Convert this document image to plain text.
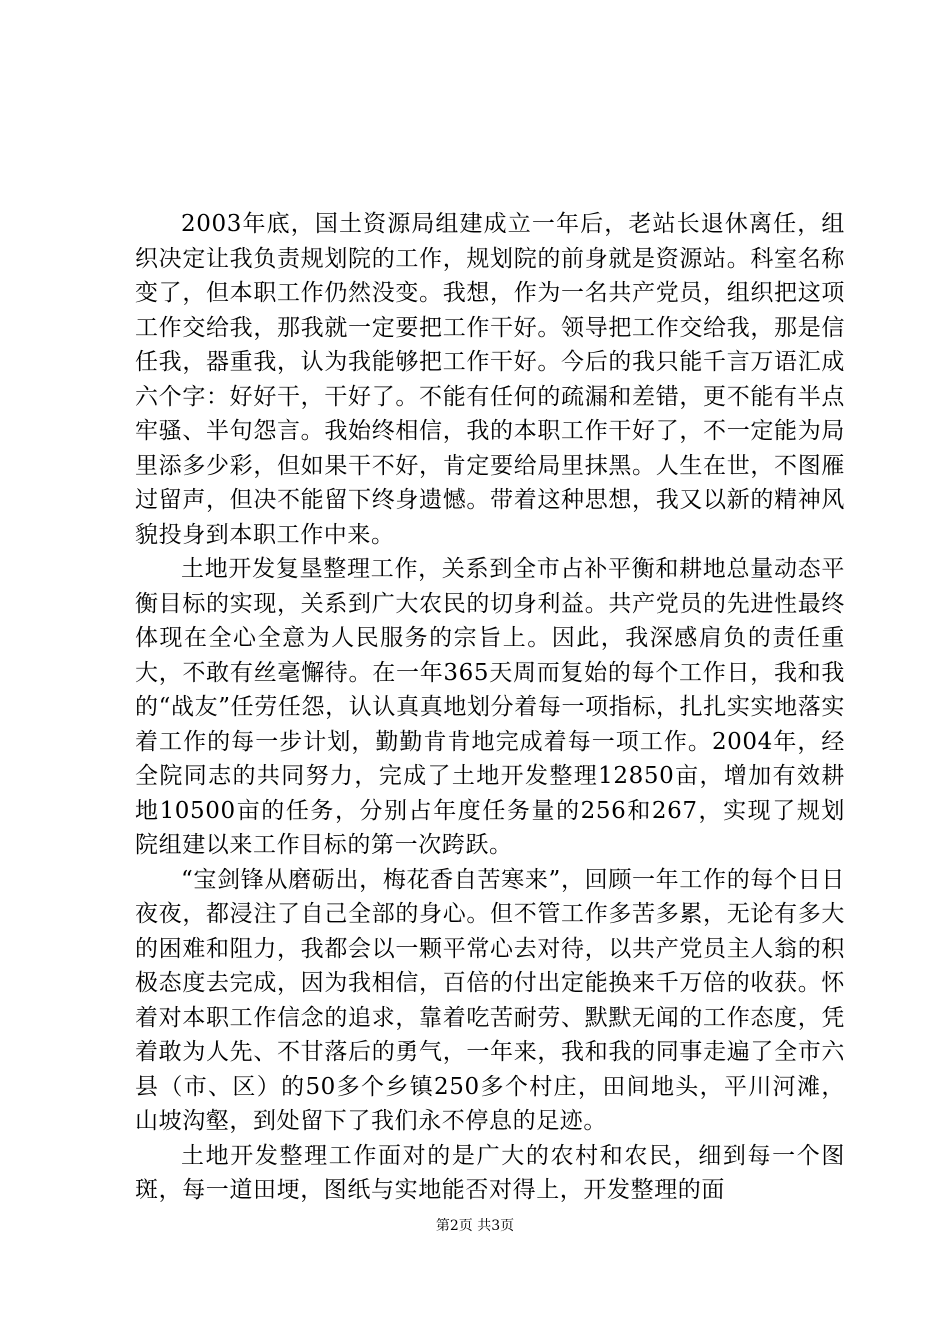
2003年底，国土资源局组建成立一年后，老站长退休离任，组织决定让我负责规划院的工作，规划院的前身就是资源站。科室名称变了，但本职工作仍然没变。我想，作为一名共产党员，组织把这项工作交给我，那我就一定要把工作干好。领导把工作交给我，那是信任我，器重我，认为我能够把工作干好。今后的我只能千言万语汇成六个字：好好干，干好了。不能有任何的疏漏和差错，更不能有半点牢骚、半句怨言。我始终相信，我的本职工作干好了，不一定能为局里添多少彩，但如果干不好，肯定要给局里抹黑。人生在世，不图雁过留声，但决不能留下终身遗憾。带着这种思想，我又以新的精神风貌投身到本职工作中来。

土地开发复垦整理工作，关系到全市占补平衡和耕地总量动态平衡目标的实现，关系到广大农民的切身利益。共产党员的先进性最终体现在全心全意为人民服务的宗旨上。因此，我深感肩负的责任重大，不敢有丝毫懈待。在一年365天周而复始的每个工作日，我和我的“战友”任劳任怨，认认真真地划分着每一项指标，扎扎实实地落实着工作的每一步计划，勤勤肯肯地完成着每一项工作。2004年，经全院同志的共同努力，完成了土地开发整理12850亩，增加有效耕地10500亩的任务，分别占年度任务量的256和267，实现了规划院组建以来工作目标的第一次跨跃。

“宝剑锋从磨砺出，梅花香自苦寒来”，回顾一年工作的每个日日夜夜，都浸注了自己全部的身心。但不管工作多苦多累，无论有多大的困难和阻力，我都会以一颗平常心去对待，以共产党员主人翁的积极态度去完成，因为我相信，百倍的付出定能换来千万倍的收获。怀着对本职工作信念的追求，靠着吃苦耐劳、默默无闻的工作态度，凭着敢为人先、不甘落后的勇气，一年来，我和我的同事走遍了全市六县（市、区）的50多个乡镇250多个村庄，田间地头，平川河滩，山坡沟壑，到处留下了我们永不停息的足迹。

土地开发整理工作面对的是广大的农村和农民，细到每一个图斑，每一道田埂，图纸与实地能否对得上，开发整理的面

第2页 共3页
